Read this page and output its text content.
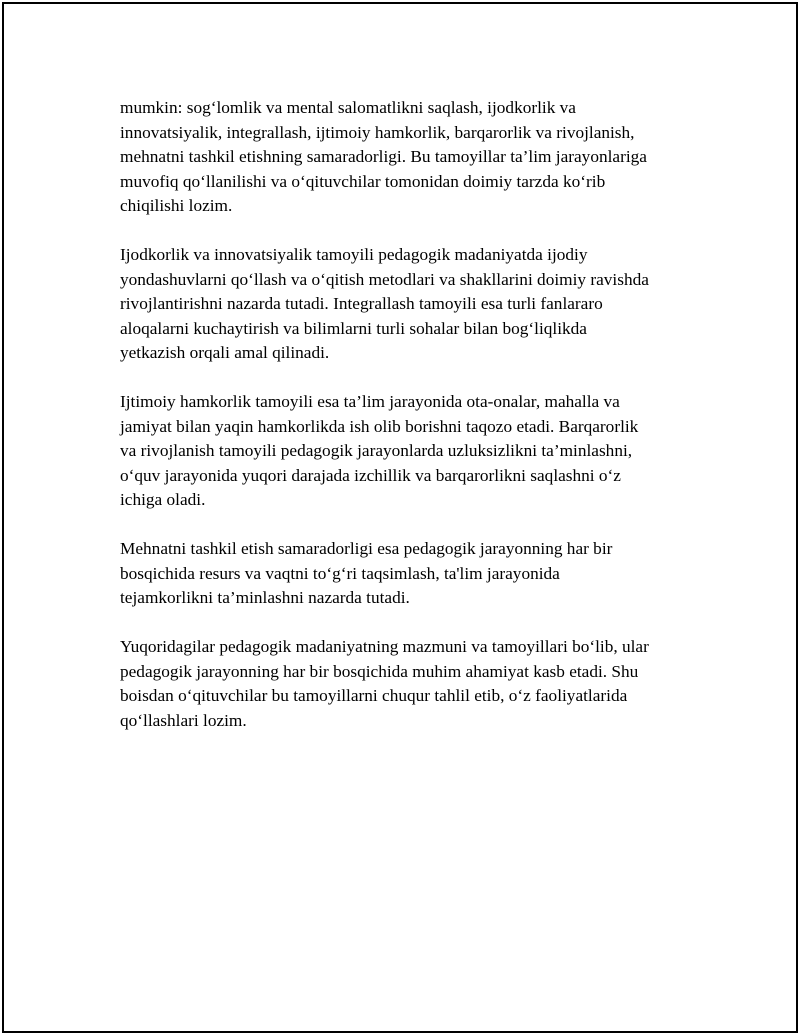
mumkin: sog‘lomlik va mental salomatlikni saqlash, ijodkorlik va
innovatsiyalik, integrallash, ijtimoiy hamkorlik, barqarorlik va rivojlanish,
mehnatni tashkil etishning samaradorligi. Bu tamoyillar ta’lim jarayonlariga
muvofiq qo‘llanilishi va o‘qituvchilar tomonidan doimiy tarzda ko‘rib
chiqilishi lozim.

Ijodkorlik va innovatsiyalik tamoyili pedagogik madaniyatda ijodiy
yondashuvlarni qo‘llash va o‘qitish metodlari va shakllarini doimiy ravishda
rivojlantirishni nazarda tutadi. Integrallash tamoyili esa turli fanlararo
aloqalarni kuchaytirish va bilimlarni turli sohalar bilan bog‘liqlikda
yetkazish orqali amal qilinadi.

Ijtimoiy hamkorlik tamoyili esa ta’lim jarayonida ota-onalar, mahalla va
jamiyat bilan yaqin hamkorlikda ish olib borishni taqozo etadi. Barqarorlik
va rivojlanish tamoyili pedagogik jarayonlarda uzluksizlikni ta’minlashni,
o‘quv jarayonida yuqori darajada izchillik va barqarorlikni saqlashni o‘z
ichiga oladi.

Mehnatni tashkil etish samaradorligi esa pedagogik jarayonning har bir
bosqichida resurs va vaqtni to‘g‘ri taqsimlash, ta'lim jarayonida
tejamkorlikni ta’minlashni nazarda tutadi.

Yuqoridagilar pedagogik madaniyatning mazmuni va tamoyillari bo‘lib, ular
pedagogik jarayonning har bir bosqichida muhim ahamiyat kasb etadi. Shu
boisdan o‘qituvchilar bu tamoyillarni chuqur tahlil etib, o‘z faoliyatlarida
qo‘llashlari lozim.
